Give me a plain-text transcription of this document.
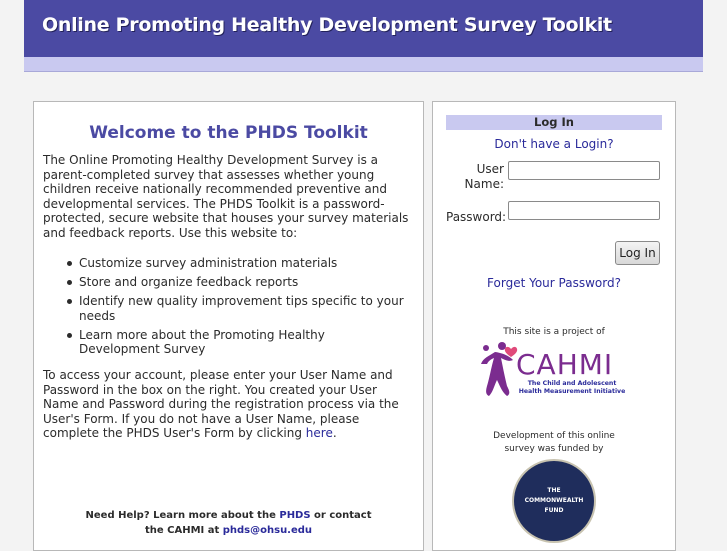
Online Promoting Healthy Development Survey Toolkit
Welcome to the PHDS Toolkit
The Online Promoting Healthy Development Survey is a parent-completed survey that assesses whether young children receive nationally recommended preventive and developmental services. The PHDS Toolkit is a password-protected, secure website that houses your survey materials and feedback reports. Use this website to:
Customize survey administration materials
Store and organize feedback reports
Identify new quality improvement tips specific to your needs
Learn more about the Promoting Healthy Development Survey
To access your account, please enter your User Name and Password in the box on the right. You created your User Name and Password during the registration process via the User's Form. If you do not have a User Name, please complete the PHDS User's Form by clicking here.
Need Help? Learn more about the PHDS or contact
the CAHMI at phds@ohsu.edu
Log In
Don't have a Login?
User Name:
Password:
Log In
Forget Your Password?
This site is a project of
CAHMI
The Child and Adolescent
Health Measurement Initiative
Development of this online survey was funded by
THE
COMMONWEALTH
FUND
